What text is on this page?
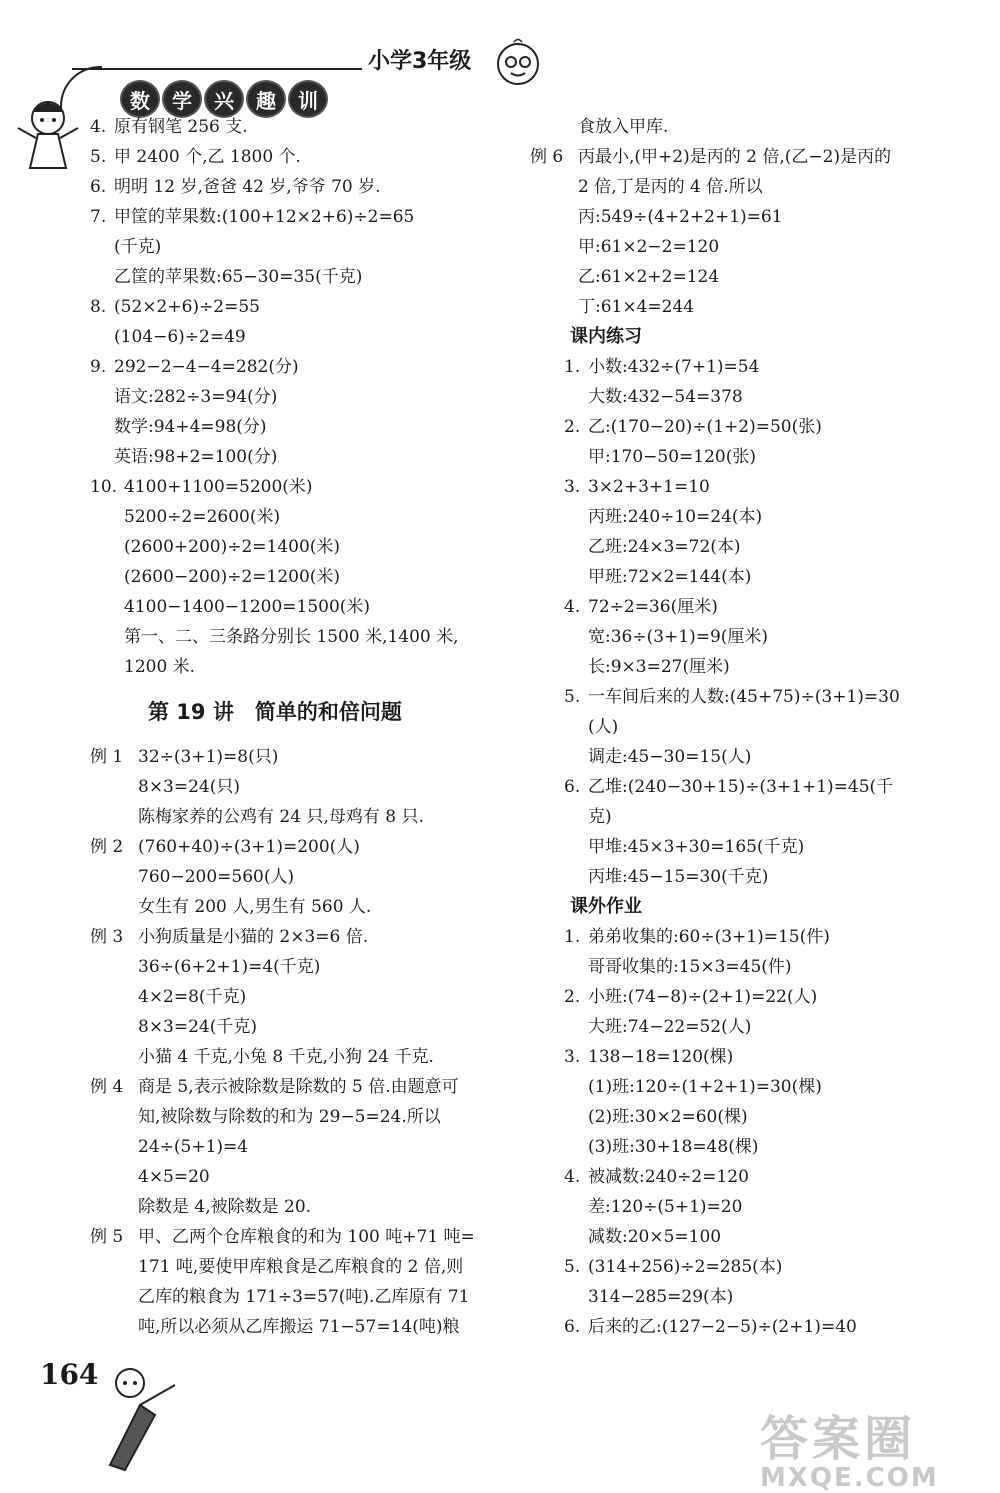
小学3年级
数	学	兴	趣	训
4. 原有钢笔 256 支.
5. 甲 2400 个,乙 1800 个.
6. 明明 12 岁,爸爸 42 岁,爷爷 70 岁.
7. 甲筐的苹果数:(100+12×2+6)÷2=65
(千克)
乙筐的苹果数:65−30=35(千克)
8. (52×2+6)÷2=55
(104−6)÷2=49
9. 292−2−4−4=282(分)
语文:282÷3=94(分)
数学:94+4=98(分)
英语:98+2=100(分)
10. 4100+1100=5200(米)
5200÷2=2600(米)
(2600+200)÷2=1400(米)
(2600−200)÷2=1200(米)
4100−1400−1200=1500(米)
第一、二、三条路分别长 1500 米,1400 米,
1200 米.
第 19 讲　简单的和倍问题
例 1 32÷(3+1)=8(只)
8×3=24(只)
陈梅家养的公鸡有 24 只,母鸡有 8 只.
例 2 (760+40)÷(3+1)=200(人)
760−200=560(人)
女生有 200 人,男生有 560 人.
例 3 小狗质量是小猫的 2×3=6 倍.
36÷(6+2+1)=4(千克)
4×2=8(千克)
8×3=24(千克)
小猫 4 千克,小兔 8 千克,小狗 24 千克.
例 4 商是 5,表示被除数是除数的 5 倍.由题意可
知,被除数与除数的和为 29−5=24.所以
24÷(5+1)=4
4×5=20
除数是 4,被除数是 20.
例 5 甲、乙两个仓库粮食的和为 100 吨+71 吨=
171 吨,要使甲库粮食是乙库粮食的 2 倍,则
乙库的粮食为 171÷3=57(吨).乙库原有 71
吨,所以必须从乙库搬运 71−57=14(吨)粮
食放入甲库.
例 6 丙最小,(甲+2)是丙的 2 倍,(乙−2)是丙的
2 倍,丁是丙的 4 倍.所以
丙:549÷(4+2+2+1)=61
甲:61×2−2=120
乙:61×2+2=124
丁:61×4=244
课内练习
1. 小数:432÷(7+1)=54
大数:432−54=378
2. 乙:(170−20)÷(1+2)=50(张)
甲:170−50=120(张)
3. 3×2+3+1=10
丙班:240÷10=24(本)
乙班:24×3=72(本)
甲班:72×2=144(本)
4. 72÷2=36(厘米)
宽:36÷(3+1)=9(厘米)
长:9×3=27(厘米)
5. 一车间后来的人数:(45+75)÷(3+1)=30
(人)
调走:45−30=15(人)
6. 乙堆:(240−30+15)÷(3+1+1)=45(千
克)
甲堆:45×3+30=165(千克)
丙堆:45−15=30(千克)
课外作业
1. 弟弟收集的:60÷(3+1)=15(件)
哥哥收集的:15×3=45(件)
2. 小班:(74−8)÷(2+1)=22(人)
大班:74−22=52(人)
3. 138−18=120(棵)
(1)班:120÷(1+2+1)=30(棵)
(2)班:30×2=60(棵)
(3)班:30+18=48(棵)
4. 被减数:240÷2=120
差:120÷(5+1)=20
减数:20×5=100
5. (314+256)÷2=285(本)
314−285=29(本)
6. 后来的乙:(127−2−5)÷(2+1)=40
164
答案圈
MXQE.COM
